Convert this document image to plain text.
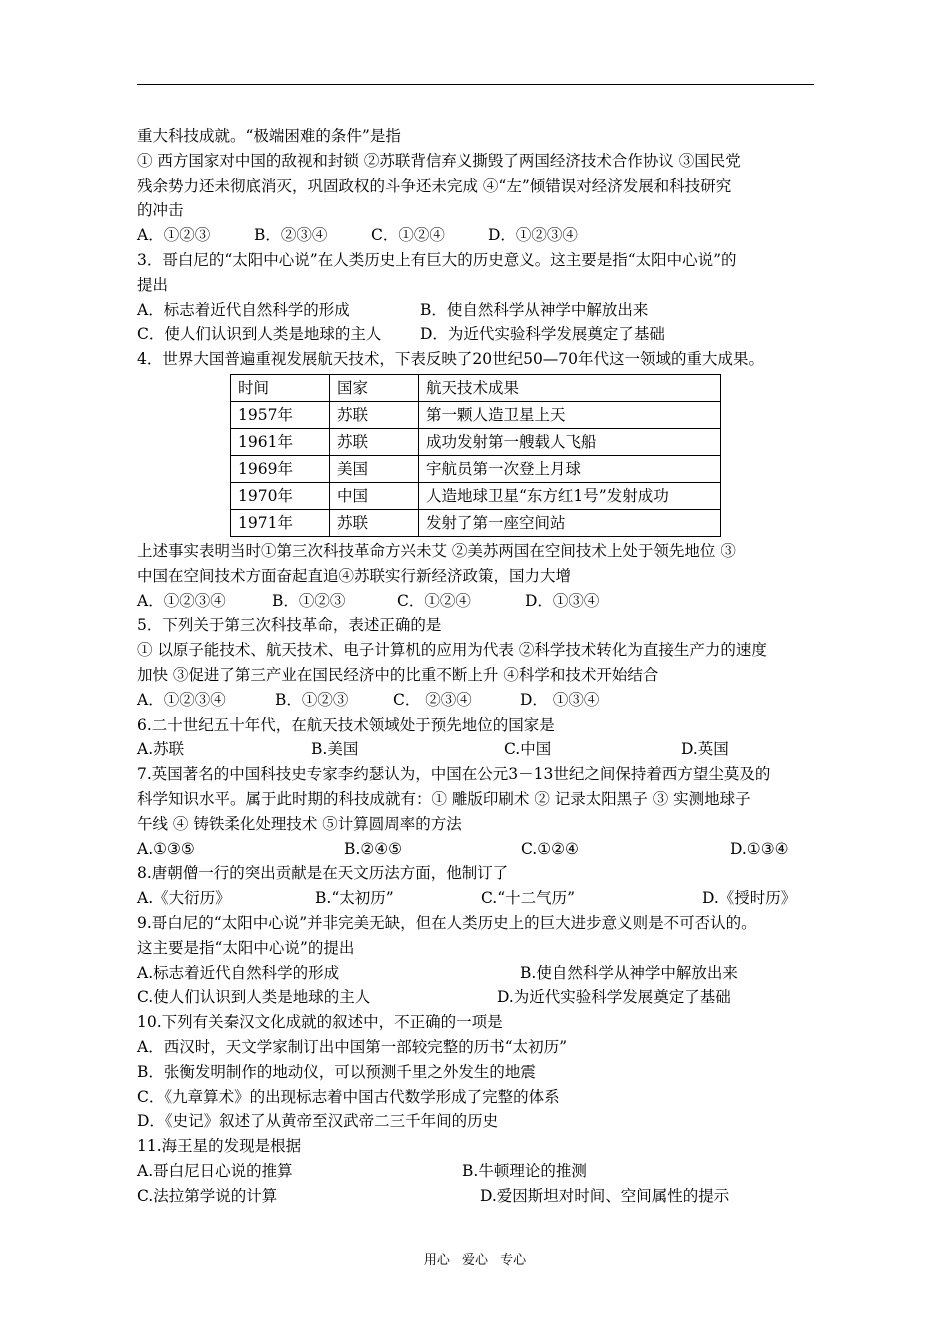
重大科技成就。“极端困难的条件”是指
① 西方国家对中国的敌视和封锁 ②苏联背信弃义撕毁了两国经济技术合作协议 ③国民党
残余势力还未彻底消灭，巩固政权的斗争还未完成 ④“左”倾错误对经济发展和科技研究
的冲击
A．①②③	B．②③④	C．①②④	D．①②③④
3．哥白尼的“太阳中心说”在人类历史上有巨大的历史意义。这主要是指“太阳中心说”的
提出
A．标志着近代自然科学的形成	B．使自然科学从神学中解放出来
C．使人们认识到人类是地球的主人	D．为近代实验科学发展奠定了基础
4．世界大国普遍重视发展航天技术，下表反映了20世纪50—70年代这一领域的重大成果。
时间	国家	航天技术成果
1957年	苏联	第一颗人造卫星上天
1961年	苏联	成功发射第一艘载人飞船
1969年	美国	宇航员第一次登上月球
1970年	中国	人造地球卫星“东方红1号”发射成功
1971年	苏联	发射了第一座空间站
上述事实表明当时①第三次科技革命方兴未艾 ②美苏两国在空间技术上处于领先地位 ③
中国在空间技术方面奋起直追④苏联实行新经济政策，国力大增
A．①②③④	B．①②③	C．①②④	D．①③④
5．下列关于第三次科技革命，表述正确的是
① 以原子能技术、航天技术、电子计算机的应用为代表 ②科学技术转化为直接生产力的速度
加快 ③促进了第三产业在国民经济中的比重不断上升 ④科学和技术开始结合
A．①②③④	B．①②③	C． ②③④	D． ①③④
6.二十世纪五十年代，在航天技术领域处于预先地位的国家是
A.苏联	B.美国	C.中国	D.英国
7.英国著名的中国科技史专家李约瑟认为，中国在公元3－13世纪之间保持着西方望尘莫及的
科学知识水平。属于此时期的科技成就有：① 雕版印刷术 ② 记录太阳黑子 ③ 实测地球子
午线 ④ 铸铁柔化处理技术 ⑤计算圆周率的方法
A.①③⑤	B.②④⑤	C.①②④	D.①③④
8.唐朝僧一行的突出贡献是在天文历法方面，他制订了
A.《大衍历》	B.“太初历”	C.“十二气历”	D.《授时历》
9.哥白尼的“太阳中心说”并非完美无缺，但在人类历史上的巨大进步意义则是不可否认的。
这主要是指“太阳中心说”的提出
A.标志着近代自然科学的形成	B.使自然科学从神学中解放出来
C.使人们认识到人类是地球的主人	D.为近代实验科学发展奠定了基础
10.下列有关秦汉文化成就的叙述中，不正确的一项是
A．西汉时，天文学家制订出中国第一部较完整的历书“太初历”
B．张衡发明制作的地动仪，可以预测千里之外发生的地震
C．《九章算术》的出现标志着中国古代数学形成了完整的体系
D．《史记》叙述了从黄帝至汉武帝二三千年间的历史
11.海王星的发现是根据
A.哥白尼日心说的推算	B.牛顿理论的推测
C.法拉第学说的计算	D.爱因斯坦对时间、空间属性的提示
用心 爱心 专心
